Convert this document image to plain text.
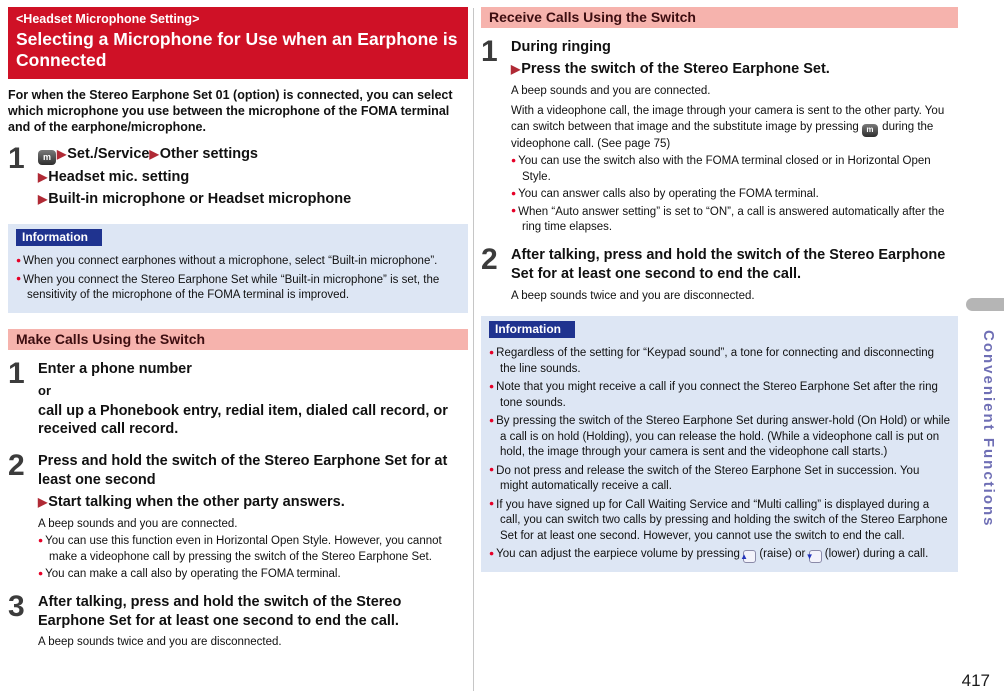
<Headset Microphone Setting>
Selecting a Microphone for Use when an Earphone is Connected

For when the Stereo Earphone Set 01 (option) is connected, you can select which microphone you use between the microphone of the FOMA terminal and of the earphone/microphone.

1	m ▶Set./Service▶Other settings
▶Headset mic. setting
▶Built-in microphone or Headset microphone
Information
● When you connect earphones without a microphone, select “Built-in microphone”.
● When you connect the Stereo Earphone Set while “Built-in microphone” is set, the sensitivity of the microphone of the FOMA terminal is improved.
Make Calls Using the Switch
1 Enter a phone number
or
call up a Phonebook entry, redial item, dialed call record, or received call record.
2 Press and hold the switch of the Stereo Earphone Set for at least one second
▶Start talking when the other party answers.

A beep sounds and you are connected.

● You can use this function even in Horizontal Open Style. However, you cannot make a videophone call by pressing the switch of the Stereo Earphone Set.
● You can make a call also by operating the FOMA terminal.
3 After talking, press and hold the switch of the Stereo Earphone Set for at least one second to end the call.

A beep sounds twice and you are disconnected.

Receive Calls Using the Switch
1 During ringing
▶Press the switch of the Stereo Earphone Set.

A beep sounds and you are connected.

With a videophone call, the image through your camera is sent to the other party. You can switch between that image and the substitute image by pressing m during the videophone call. (See page 75)

● You can use the switch also with the FOMA terminal closed or in Horizontal Open Style.
● You can answer calls also by operating the FOMA terminal.
● When “Auto answer setting” is set to “ON”, a call is answered automatically after the ring time elapses.
2 After talking, press and hold the switch of the Stereo Earphone Set for at least one second to end the call.

A beep sounds twice and you are disconnected.

Information
● Regardless of the setting for “Keypad sound”, a tone for connecting and disconnecting the line sounds.
● Note that you might receive a call if you connect the Stereo Earphone Set after the ring tone sounds.
● By pressing the switch of the Stereo Earphone Set during answer-hold (On Hold) or while a call is on hold (Holding), you can release the hold. (While a videophone call is put on hold, the image through your camera is sent and the videophone call starts.)
● Do not press and release the switch of the Stereo Earphone Set in succession. You might automatically receive a call.
● If you have signed up for Call Waiting Service and “Multi calling” is displayed during a call, you can switch two calls by pressing and holding the switch of the Stereo Earphone Set for at least one second. However, you cannot use the switch to end the call.
● You can adjust the earpiece volume by pressing ▲ (raise) or ▼ (lower) during a call.
Convenient Functions
417
